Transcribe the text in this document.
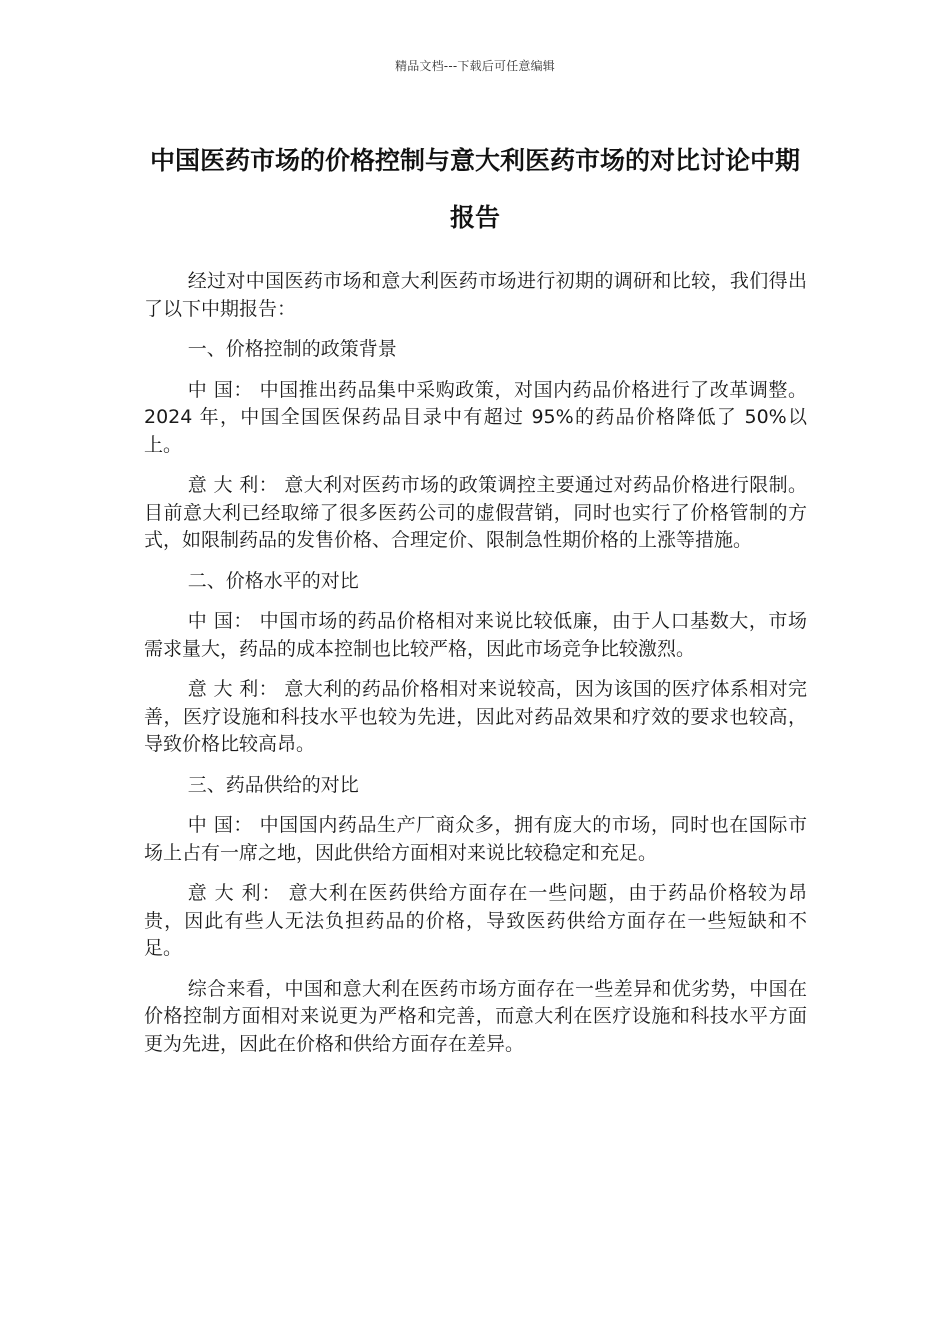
精品文档---下载后可任意编辑
中国医药市场的价格控制与意大利医药市场的对比讨论中期报告

经过对中国医药市场和意大利医药市场进行初期的调研和比较，我们得出了以下中期报告：

一、价格控制的政策背景

中 国： 中国推出药品集中采购政策，对国内药品价格进行了改革调整。2024 年，中国全国医保药品目录中有超过 95%的药品价格降低了 50%以上。

意 大 利： 意大利对医药市场的政策调控主要通过对药品价格进行限制。目前意大利已经取缔了很多医药公司的虚假营销，同时也实行了价格管制的方式，如限制药品的发售价格、合理定价、限制急性期价格的上涨等措施。

二、价格水平的对比

中 国： 中国市场的药品价格相对来说比较低廉，由于人口基数大，市场需求量大，药品的成本控制也比较严格，因此市场竞争比较激烈。

意 大 利： 意大利的药品价格相对来说较高，因为该国的医疗体系相对完善，医疗设施和科技水平也较为先进，因此对药品效果和疗效的要求也较高，导致价格比较高昂。

三、药品供给的对比

中 国： 中国国内药品生产厂商众多，拥有庞大的市场，同时也在国际市场上占有一席之地，因此供给方面相对来说比较稳定和充足。

意 大 利： 意大利在医药供给方面存在一些问题，由于药品价格较为昂贵，因此有些人无法负担药品的价格，导致医药供给方面存在一些短缺和不足。

综合来看，中国和意大利在医药市场方面存在一些差异和优劣势，中国在价格控制方面相对来说更为严格和完善，而意大利在医疗设施和科技水平方面更为先进，因此在价格和供给方面存在差异。
